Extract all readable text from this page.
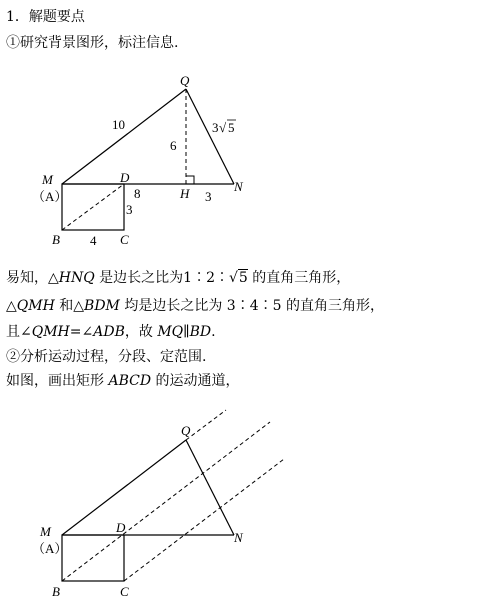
1．解题要点
①研究背景图形，标注信息.
Q
M
（A）
D
H	N
B	C
10
6
3 √ 5
8	3
3
4
易知，△HNQ 是边长之比为1∶2∶√5 的直角三角形，
△QMH 和△BDM 均是边长之比为 3∶4∶5 的直角三角形，
且∠QMH=∠ADB，故 MQ∥BD.
②分析运动过程，分段、定范围.
如图，画出矩形 ABCD 的运动通道，
Q
M
（A）
D
N
B	C
